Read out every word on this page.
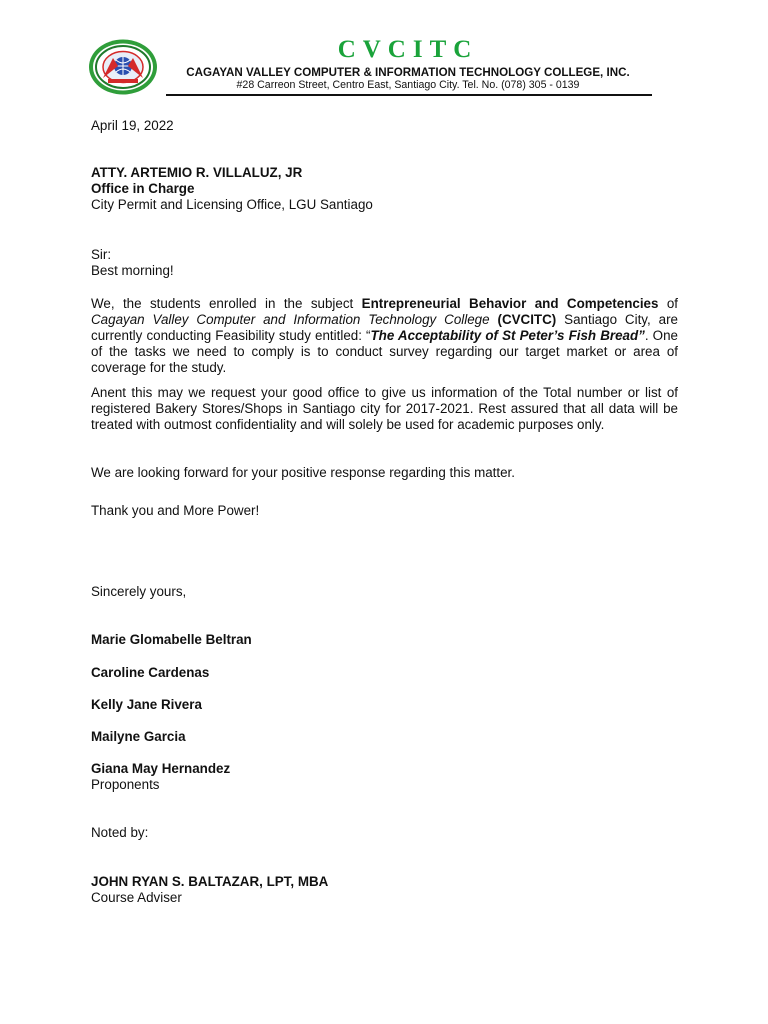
CVCITC
CAGAYAN VALLEY COMPUTER & INFORMATION TECHNOLOGY COLLEGE, INC.
#28 Carreon Street, Centro East, Santiago City. Tel. No. (078) 305 - 0139
April 19, 2022
ATTY. ARTEMIO R. VILLALUZ, JR
Office in Charge
City Permit and Licensing Office, LGU Santiago
Sir:
Best morning!
We, the students enrolled in the subject Entrepreneurial Behavior and Competencies of Cagayan Valley Computer and Information Technology College (CVCITC) Santiago City, are currently conducting Feasibility study entitled: “The Acceptability of St Peter’s Fish Bread”. One of the tasks we need to comply is to conduct survey regarding our target market or area of coverage for the study.
Anent this may we request your good office to give us information of the Total number or list of registered Bakery Stores/Shops in Santiago city for 2017-2021. Rest assured that all data will be treated with outmost confidentiality and will solely be used for academic purposes only.
We are looking forward for your positive response regarding this matter.
Thank you and More Power!
Sincerely yours,
Marie Glomabelle Beltran
Caroline Cardenas
Kelly Jane Rivera
Mailyne Garcia
Giana May Hernandez
Proponents
Noted by:
JOHN RYAN S. BALTAZAR, LPT, MBA
Course Adviser
